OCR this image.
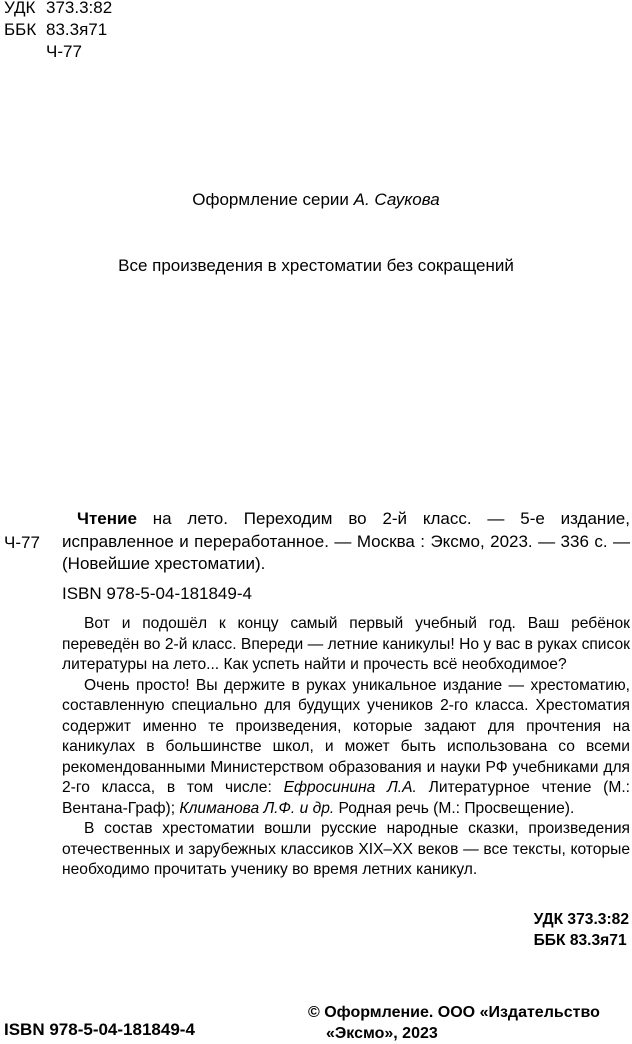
УДК 373.3:82
ББК 83.3я71
Ч-77
Оформление серии А. Саукова
Все произведения в хрестоматии без сокращений
Ч-77

Чтение на лето. Переходим во 2-й класс. — 5-е издание, исправленное и переработанное. — Москва : Эксмо, 2023. — 336 с. — (Новейшие хрестоматии).

ISBN 978-5-04-181849-4

Вот и подошёл к концу самый первый учебный год. Ваш ребёнок переведён во 2-й класс. Впереди — летние каникулы! Но у вас в руках список литературы на лето... Как успеть найти и прочесть всё необходимое?

Очень просто! Вы держите в руках уникальное издание — хрестоматию, составленную специально для будущих учеников 2-го класса. Хрестоматия содержит именно те произведения, которые задают для прочтения на каникулах в большинстве школ, и может быть использована со всеми рекомендованными Министерством образования и науки РФ учебниками для 2-го класса, в том числе: Ефросинина Л.А. Литературное чтение (М.: Вентана-Граф); Климанова Л.Ф. и др. Родная речь (М.: Просвещение).

В состав хрестоматии вошли русские народные сказки, произведения отечественных и зарубежных классиков XIX–XX веков — все тексты, которые необходимо прочитать ученику во время летних каникул.

УДК 373.3:82
ББК 83.3я71
ISBN 978-5-04-181849-4
© Оформление. ООО «Издательство
«Эксмо», 2023
